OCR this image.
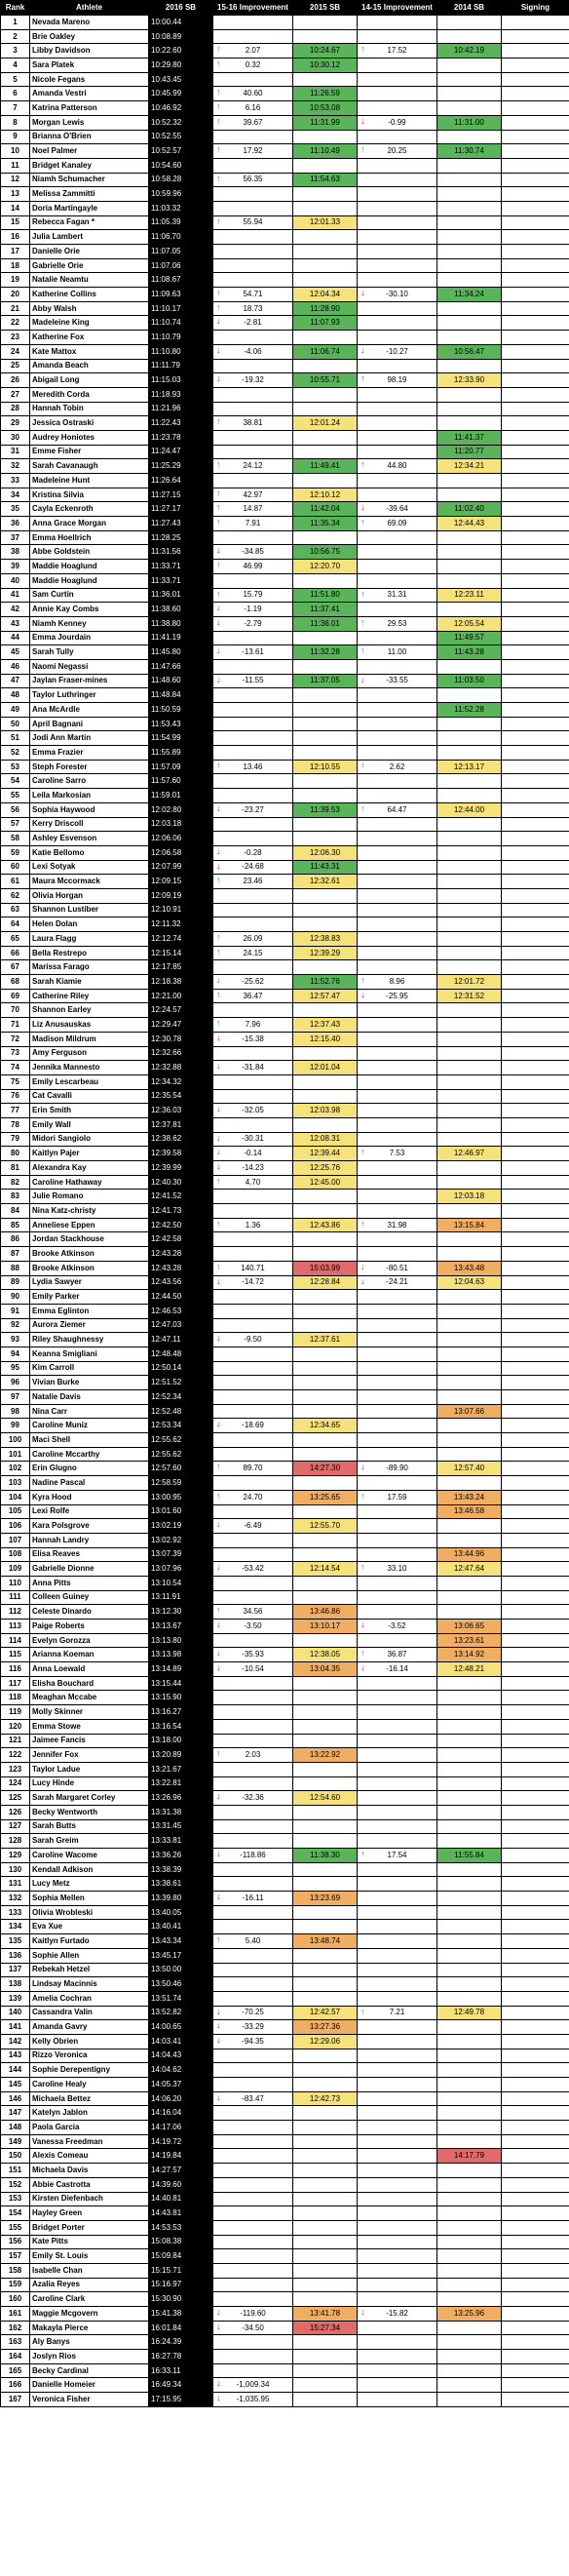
Rank	Athlete	2016 SB	15-16 Improvement	2015 SB	14-15 Improvement	2014 SB	Signing
1	Nevada Mareno	10:00.44					
2	Brie Oakley	10:08.89					
3	Libby Davidson	10:22.60	↑ 2.07	10:24.67	↑ 17.52	10:42.19	
4	Sara Platek	10:29.80	↑ 0.32	10:30.12			
5	Nicole Fegans	10:43.45					
6	Amanda Vestri	10:45.99	↑ 40.60	11:26.59			
7	Katrina Patterson	10:46.92	↑ 6.16	10:53.08			
8	Morgan Lewis	10:52.32	↑ 39.67	11:31.99	↓ -0.99	11:31.00	
9	Brianna O'Brien	10:52.55					
10	Noel Palmer	10:52.57	↑ 17.92	11:10.49	↑ 20.25	11:30.74	
11	Bridget Kanaley	10:54.60					
12	Niamh Schumacher	10:58.28	↑ 56.35	11:54.63			
13	Melissa Zammitti	10:59.96					
14	Doria Martingayle	11:03.32					
15	Rebecca Fagan *	11:05.39	↑ 55.94	12:01.33			
16	Julia Lambert	11:06.70					
17	Danielle Orie	11:07.05					
18	Gabrielle Orie	11:07.06					
19	Natalie Neamtu	11:08.67					
20	Katherine Collins	11:09.63	↑ 54.71	12:04.34	↓ -30.10	11:34.24	
21	Abby Walsh	11:10.17	↑ 18.73	11:28.90			
22	Madeleine King	11:10.74	↓ -2.81	11:07.93			
23	Katherine Fox	11:10.79					
24	Kate Mattox	11:10.80	↓ -4.06	11:06.74	↓ -10.27	10:56.47	
25	Amanda Beach	11:11.79					
26	Abigail Long	11:15.03	↓ -19.32	10:55.71	↑ 98.19	12:33.90	
27	Meredith Corda	11:18.93					
28	Hannah Tobin	11:21.96					
29	Jessica Ostraski	11:22.43	↑ 38.81	12:01.24			
30	Audrey Honiotes	11:23.78				11:41.37	
31	Emme Fisher	11:24.47				11:20.77	
32	Sarah Cavanaugh	11:25.29	↑ 24.12	11:49.41	↑ 44.80	12:34.21	
33	Madeleine Hunt	11:26.64					
34	Kristina Silvia	11:27.15	↑ 42.97	12:10.12			
35	Cayla Eckenroth	11:27.17	↑ 14.87	11:42.04	↓ -39.64	11:02.40	
36	Anna Grace Morgan	11:27.43	↑ 7.91	11:35.34	↑ 69.09	12:44.43	
37	Emma Hoellrich	11:28.25					
38	Abbe Goldstein	11:31.56	↓ -34.85	10:56.75			
39	Maddie Hoaglund	11:33.71	↑ 46.99	12:20.70			
40	Maddie Hoaglund	11:33.71					
41	Sam Curtin	11:36.01	↑ 15.79	11:51.80	↑ 31.31	12:23.11	
42	Annie Kay Combs	11:38.60	↓ -1.19	11:37.41			
43	Niamh Kenney	11:38.80	↓ -2.79	11:36.01	↑ 29.53	12:05.54	
44	Emma Jourdain	11:41.19				11:49.57	
45	Sarah Tully	11:45.80	↓ -13.61	11:32.28	↑ 11.00	11:43.28	
46	Naomi Negassi	11:47.66					
47	Jaylan Fraser-mines	11:48.60	↓ -11.55	11:37.05	↓ -33.55	11:03.50	
48	Taylor Luthringer	11:48.84					
49	Ana McArdle	11:50.59				11:52.28	
50	April Bagnani	11:53.43					
51	Jodi Ann Martin	11:54.99					
52	Emma Frazier	11:55.89					
53	Steph Forester	11:57.09	↑ 13.46	12:10.55	↑ 2.62	12:13.17	
54	Caroline Sarro	11:57.60					
55	Leila Markosian	11:59.01					
56	Sophia Haywood	12:02.80	↓ -23.27	11:39.53	↑ 64.47	12:44.00	
57	Kerry Driscoll	12:03.18					
58	Ashley Esvenson	12:06.06					
59	Katie Bellomo	12:06.58	↓ -0.28	12:06.30			
60	Lexi Sotyak	12:07.99	↓ -24.68	11:43.31			
61	Maura Mccormack	12:09.15	↑ 23.46	12:32.61			
62	Olivia Horgan	12:09.19					
63	Shannon Lustiber	12:10.91					
64	Helen Dolan	12:11.32					
65	Laura Flagg	12:12.74	↑ 26.09	12:38.83			
66	Bella Restrepo	12:15.14	↑ 24.15	12:39.29			
67	Marissa Farago	12:17.85					
68	Sarah Kiamie	12:18.38	↓ -25.62	11:52.76	↑ 8.96	12:01.72	
69	Catherine Riley	12:21.00	↑ 36.47	12:57.47	↓ -25.95	12:31.52	
70	Shannon Earley	12:24.57					
71	Liz Anusauskas	12:29.47	↑ 7.96	12:37.43			
72	Madison Mildrum	12:30.78	↓ -15.38	12:15.40			
73	Amy Ferguson	12:32.66					
74	Jennika Mannesto	12:32.88	↓ -31.84	12:01.04			
75	Emily Lescarbeau	12:34.32					
76	Cat Cavalli	12:35.54					
77	Erin Smith	12:36.03	↓ -32.05	12:03.98			
78	Emily Wall	12:37.81					
79	Midori Sangiolo	12:38.62	↓ -30.31	12:08.31			
80	Kaitlyn Pajer	12:39.58	↓ -0.14	12:39.44	↑ 7.53	12:46.97	
81	Alexandra Kay	12:39.99	↓ -14.23	12:25.76			
82	Caroline Hathaway	12:40.30	↑ 4.70	12:45.00			
83	Julie Romano	12:41.52				12:03.18	
84	Nina Katz-christy	12:41.73					
85	Anneliese Eppen	12:42.50	↑ 1.36	12:43.86	↑ 31.98	13:15.84	
86	Jordan Stackhouse	12:42.58					
87	Brooke Atkinson	12:43.28					
88	Brooke Atkinson	12:43.28	↑ 140.71	15:03.99	↓ -80.51	13:43.48	
89	Lydia Sawyer	12:43.56	↓ -14.72	12:28.84	↓ -24.21	12:04.63	
90	Emily Parker	12:44.50					
91	Emma Eglinton	12:46.53					
92	Aurora Ziemer	12:47.03					
93	Riley Shaughnessy	12:47.11	↓ -9.50	12:37.61			
94	Keanna Smigliani	12:48.48					
95	Kim Carroll	12:50.14					
96	Vivian Burke	12:51.52					
97	Natalie Davis	12:52.34					
98	Nina Carr	12:52.48				13:07.66	
99	Caroline Muniz	12:53.34	↓ -18.69	12:34.65			
100	Maci Shell	12:55.62					
101	Caroline Mccarthy	12:55.62					
102	Erin Glugno	12:57.60	↑ 89.70	14:27.30	↓ -89.90	12:57.40	
103	Nadine Pascal	12:58.59					
104	Kyra Hood	13:00.95	↑ 24.70	13:25.65	↑ 17.59	13:43.24	
105	Lexi Rolfe	13:01.60				13:46.58	
106	Kara Polsgrove	13:02.19	↓ -6.49	12:55.70			
107	Hannah Landry	13:02.92					
108	Elisa Reaves	13:07.39				13:44.96	
109	Gabrielle Dionne	13:07.96	↓ -53.42	12:14.54	↑ 33.10	12:47.64	
110	Anna Pitts	13:10.54					
111	Colleen Guiney	13:11.91					
112	Celeste Dinardo	13:12.30	↑ 34.56	13:46.86			
113	Paige Roberts	13:13.67	↓ -3.50	13:10.17	↓ -3.52	13:06.65	
114	Evelyn Gorozza	13:13.80				13:23.61	
115	Arianna Koeman	13:13.98	↓ -35.93	12:38.05	↑ 36.87	13:14.92	
116	Anna Loewald	13:14.89	↓ -10.54	13:04.35	↓ -16.14	12:48.21	
117	Elisha Bouchard	13:15.44					
118	Meaghan Mccabe	13:15.90					
119	Molly Skinner	13:16.27					
120	Emma Stowe	13:16.54					
121	Jaimee Fancis	13:18.00					
122	Jennifer Fox	13:20.89	↑ 2.03	13:22.92			
123	Taylor Ladue	13:21.67					
124	Lucy Hinde	13:22.81					
125	Sarah Margaret Corley	13:26.96	↓ -32.36	12:54.60			
126	Becky Wentworth	13:31.38					
127	Sarah Butts	13:31.45					
128	Sarah Greim	13:33.81					
129	Caroline Wacome	13:36.26	↓ -118.86	11:38.30	↑ 17.54	11:55.84	
130	Kendall Adkison	13:38.39					
131	Lucy Metz	13:38.61					
132	Sophia Mellen	13:39.80	↓ -16.11	13:23.69			
133	Olivia Wrobleski	13:40.05					
134	Eva Xue	13:40.41					
135	Kaitlyn Furtado	13:43.34	↑ 5.40	13:48.74			
136	Sophie Allen	13:45.17					
137	Rebekah Hetzel	13:50.00					
138	Lindsay Macinnis	13:50.46					
139	Amelia Cochran	13:51.74					
140	Cassandra Valin	13:52.82	↓ -70.25	12:42.57	↑ 7.21	12:49.78	
141	Amanda Gavry	14:00.65	↓ -33.29	13:27.36			
142	Kelly Obrien	14:03.41	↓ -94.35	12:29.06			
143	Rizzo Veronica	14:04.43					
144	Sophie Derepentigny	14:04.62					
145	Caroline Healy	14:05.37					
146	Michaela Bettez	14:06.20	↓ -83.47	12:42.73			
147	Katelyn Jablon	14:16.04					
148	Paola Garcia	14:17.06					
149	Vanessa Freedman	14:19.72					
150	Alexis Comeau	14:19.84				14:17.79	
151	Michaela Davis	14:27.57					
152	Abbie Castrotta	14:39.60					
153	Kirsten Diefenbach	14:40.81					
154	Hayley Green	14:43.81					
155	Bridget Porter	14:53.53					
156	Kate Pitts	15:08.38					
157	Emily St. Louis	15:09.84					
158	Isabelle Chan	15:15.71					
159	Azalia Reyes	15:16.97					
160	Caroline Clark	15:30.90					
161	Maggie Mcgovern	15:41.38	↓ -119.60	13:41.78	↓ -15.82	13:25.96	
162	Makayla Pierce	16:01.84	↓ -34.50	15:27.34			
163	Aly Banys	16:24.39					
164	Joslyn Rios	16:27.78					
165	Becky Cardinal	16:33.11					
166	Danielle Homeier	16:49.34	↓ -1,009.34				
167	Veronica Fisher	17:15.95	↓ -1,035.95				
